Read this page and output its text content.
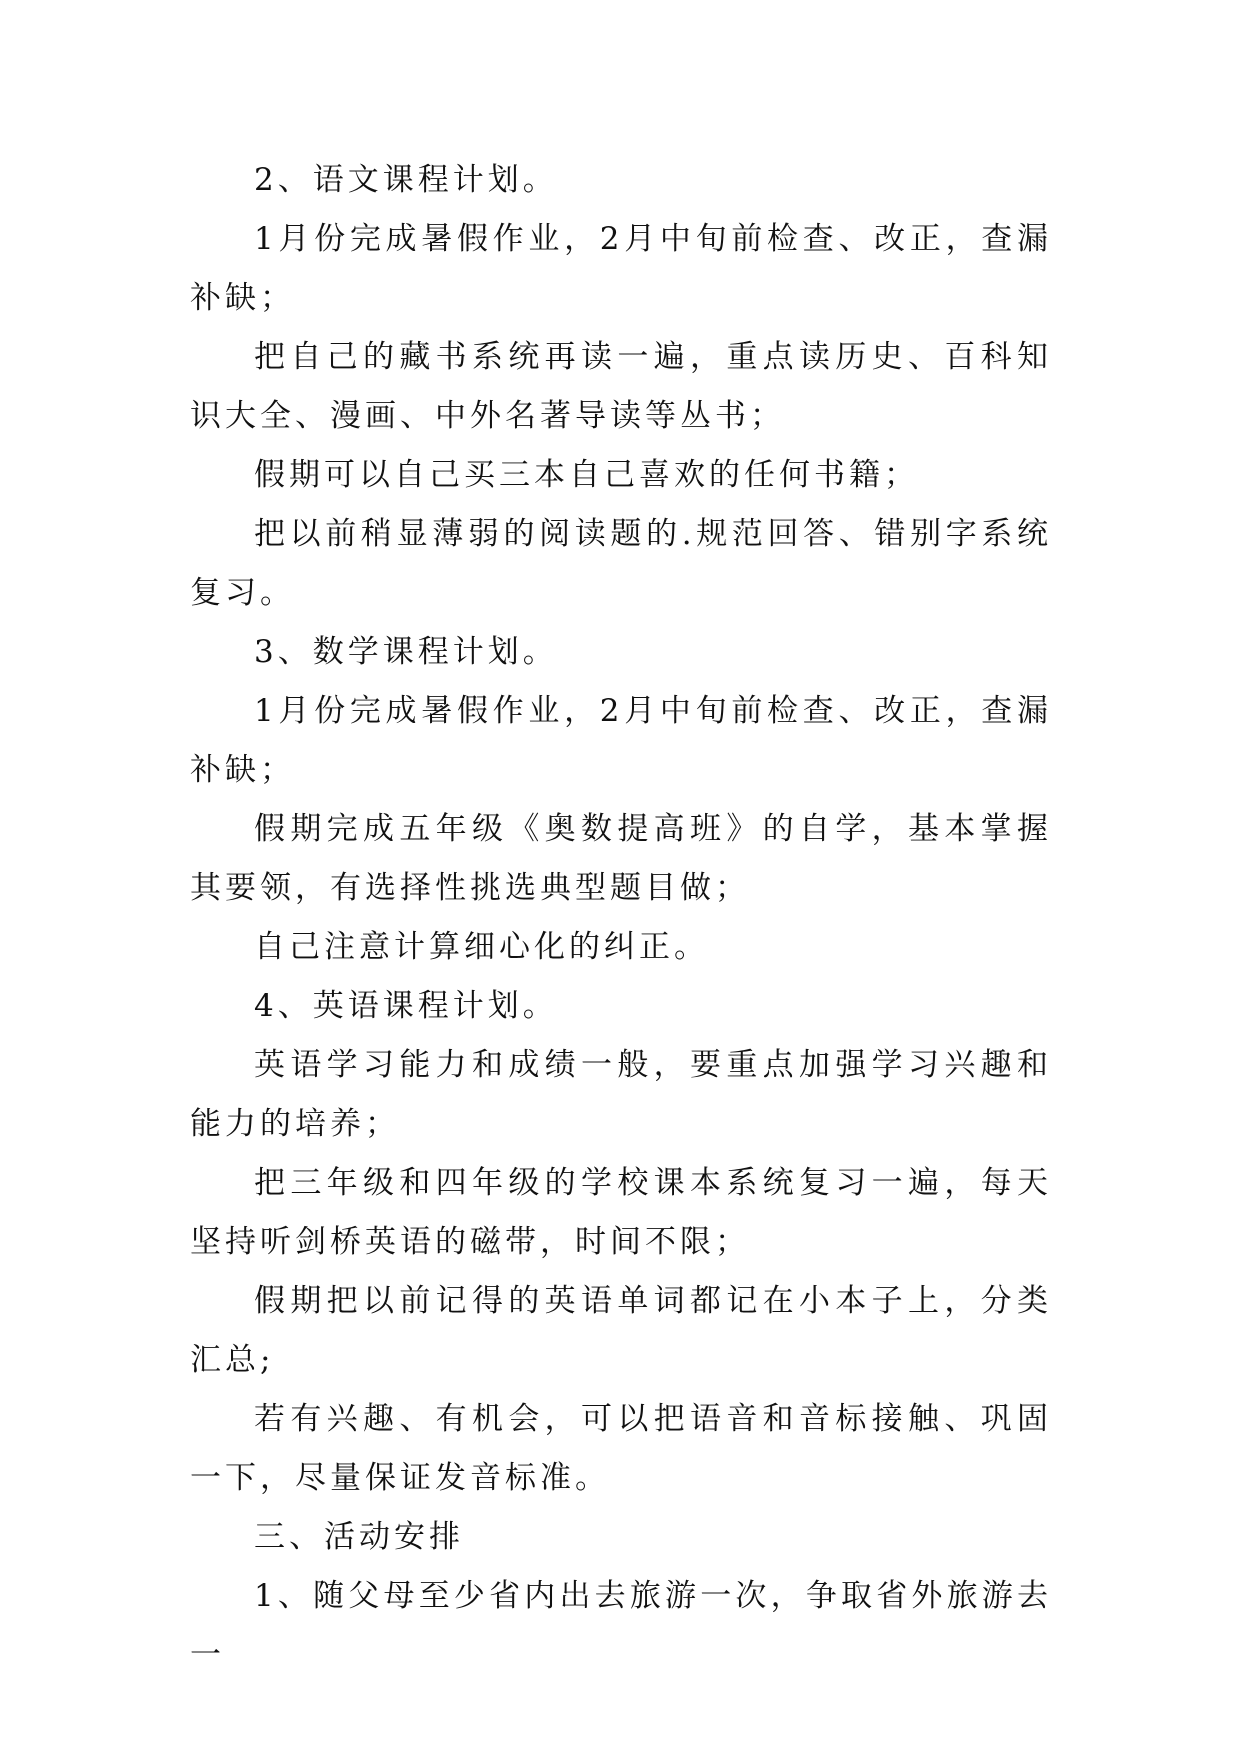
2、语文课程计划。

1月份完成暑假作业，2月中旬前检查、改正，查漏补缺；

把自己的藏书系统再读一遍，重点读历史、百科知识大全、漫画、中外名著导读等丛书；

假期可以自己买三本自己喜欢的任何书籍；

把以前稍显薄弱的阅读题的.规范回答、错别字系统复习。

3、数学课程计划。

1月份完成暑假作业，2月中旬前检查、改正，查漏补缺；

假期完成五年级《奥数提高班》的自学，基本掌握其要领，有选择性挑选典型题目做；

自己注意计算细心化的纠正。

4、英语课程计划。

英语学习能力和成绩一般，要重点加强学习兴趣和能力的培养；

把三年级和四年级的学校课本系统复习一遍，每天坚持听剑桥英语的磁带，时间不限；

假期把以前记得的英语单词都记在小本子上，分类汇总;

若有兴趣、有机会，可以把语音和音标接触、巩固一下，尽量保证发音标准。

三、活动安排

1、随父母至少省内出去旅游一次，争取省外旅游去一
